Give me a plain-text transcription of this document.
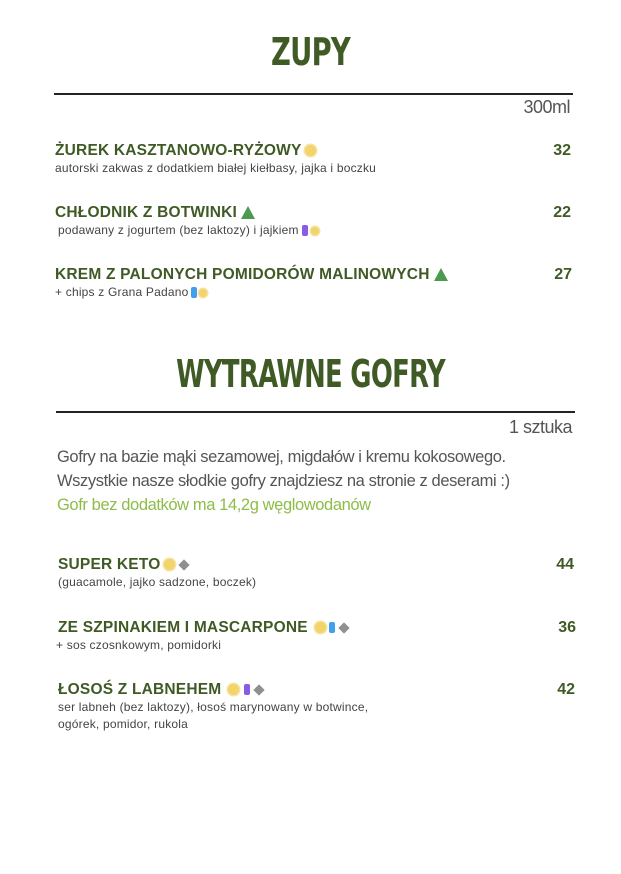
ZUPY
300ml
ŻUREK KASZTANOWO-RYŻOWY
autorski zakwas z dodatkiem białej kiełbasy, jajka i boczku
32
CHŁODNIK Z BOTWINKI
podawany z jogurtem (bez laktozy) i jajkiem
22
KREM Z PALONYCH POMIDORÓW MALINOWYCH
+ chips z Grana Padano
27
WYTRAWNE GOFRY
1 sztuka
Gofry na bazie mąki sezamowej, migdałów i kremu kokosowego.
Wszystkie nasze słodkie gofry znajdziesz na stronie z deserami :)
Gofr bez dodatków ma 14,2g węglowodanów
SUPER KETO
(guacamole, jajko sadzone, boczek)
44
ZE SZPINAKIEM I MASCARPONE
+ sos czosnkowym, pomidorki
36
ŁOSOŚ Z LABNEHEM
ser labneh (bez laktozy), łosoś marynowany w botwince,
ogórek, pomidor, rukola
42
